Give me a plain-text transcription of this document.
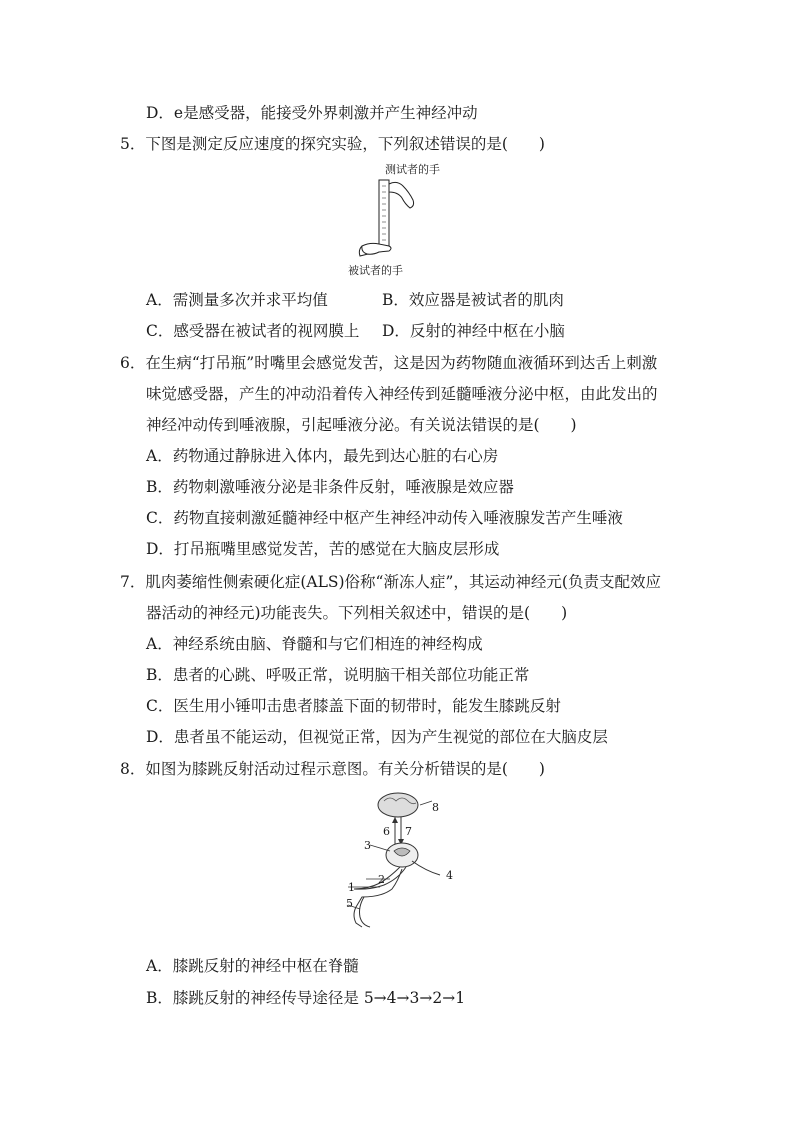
D．e是感受器，能接受外界刺激并产生神经冲动
5．下图是测定反应速度的探究实验，下列叙述错误的是(　　)
测试者的手
被试者的手
A．需测量多次并求平均值	B．效应器是被试者的肌肉
C．感受器在被试者的视网膜上 D．反射的神经中枢在小脑
6．在生病“打吊瓶”时嘴里会感觉发苦，这是因为药物随血液循环到达舌上刺激
味觉感受器，产生的冲动沿着传入神经传到延髓唾液分泌中枢，由此发出的
神经冲动传到唾液腺，引起唾液分泌。有关说法错误的是(　　)
A．药物通过静脉进入体内，最先到达心脏的右心房
B．药物刺激唾液分泌是非条件反射，唾液腺是效应器
C．药物直接刺激延髓神经中枢产生神经冲动传入唾液腺发苦产生唾液
D．打吊瓶嘴里感觉发苦，苦的感觉在大脑皮层形成
7．肌肉萎缩性侧索硬化症(ALS)俗称“渐冻人症”，其运动神经元(负责支配效应
器活动的神经元)功能丧失。下列相关叙述中，错误的是(　　)
A．神经系统由脑、脊髓和与它们相连的神经构成
B．患者的心跳、呼吸正常，说明脑干相关部位功能正常
C．医生用小锤叩击患者膝盖下面的韧带时，能发生膝跳反射
D．患者虽不能运动，但视觉正常，因为产生视觉的部位在大脑皮层
8．如图为膝跳反射活动过程示意图。有关分析错误的是(　　)
8
6 7
3
4
2
1
5
A．膝跳反射的神经中枢在脊髓
B．膝跳反射的神经传导途径是 5→4→3→2→1
